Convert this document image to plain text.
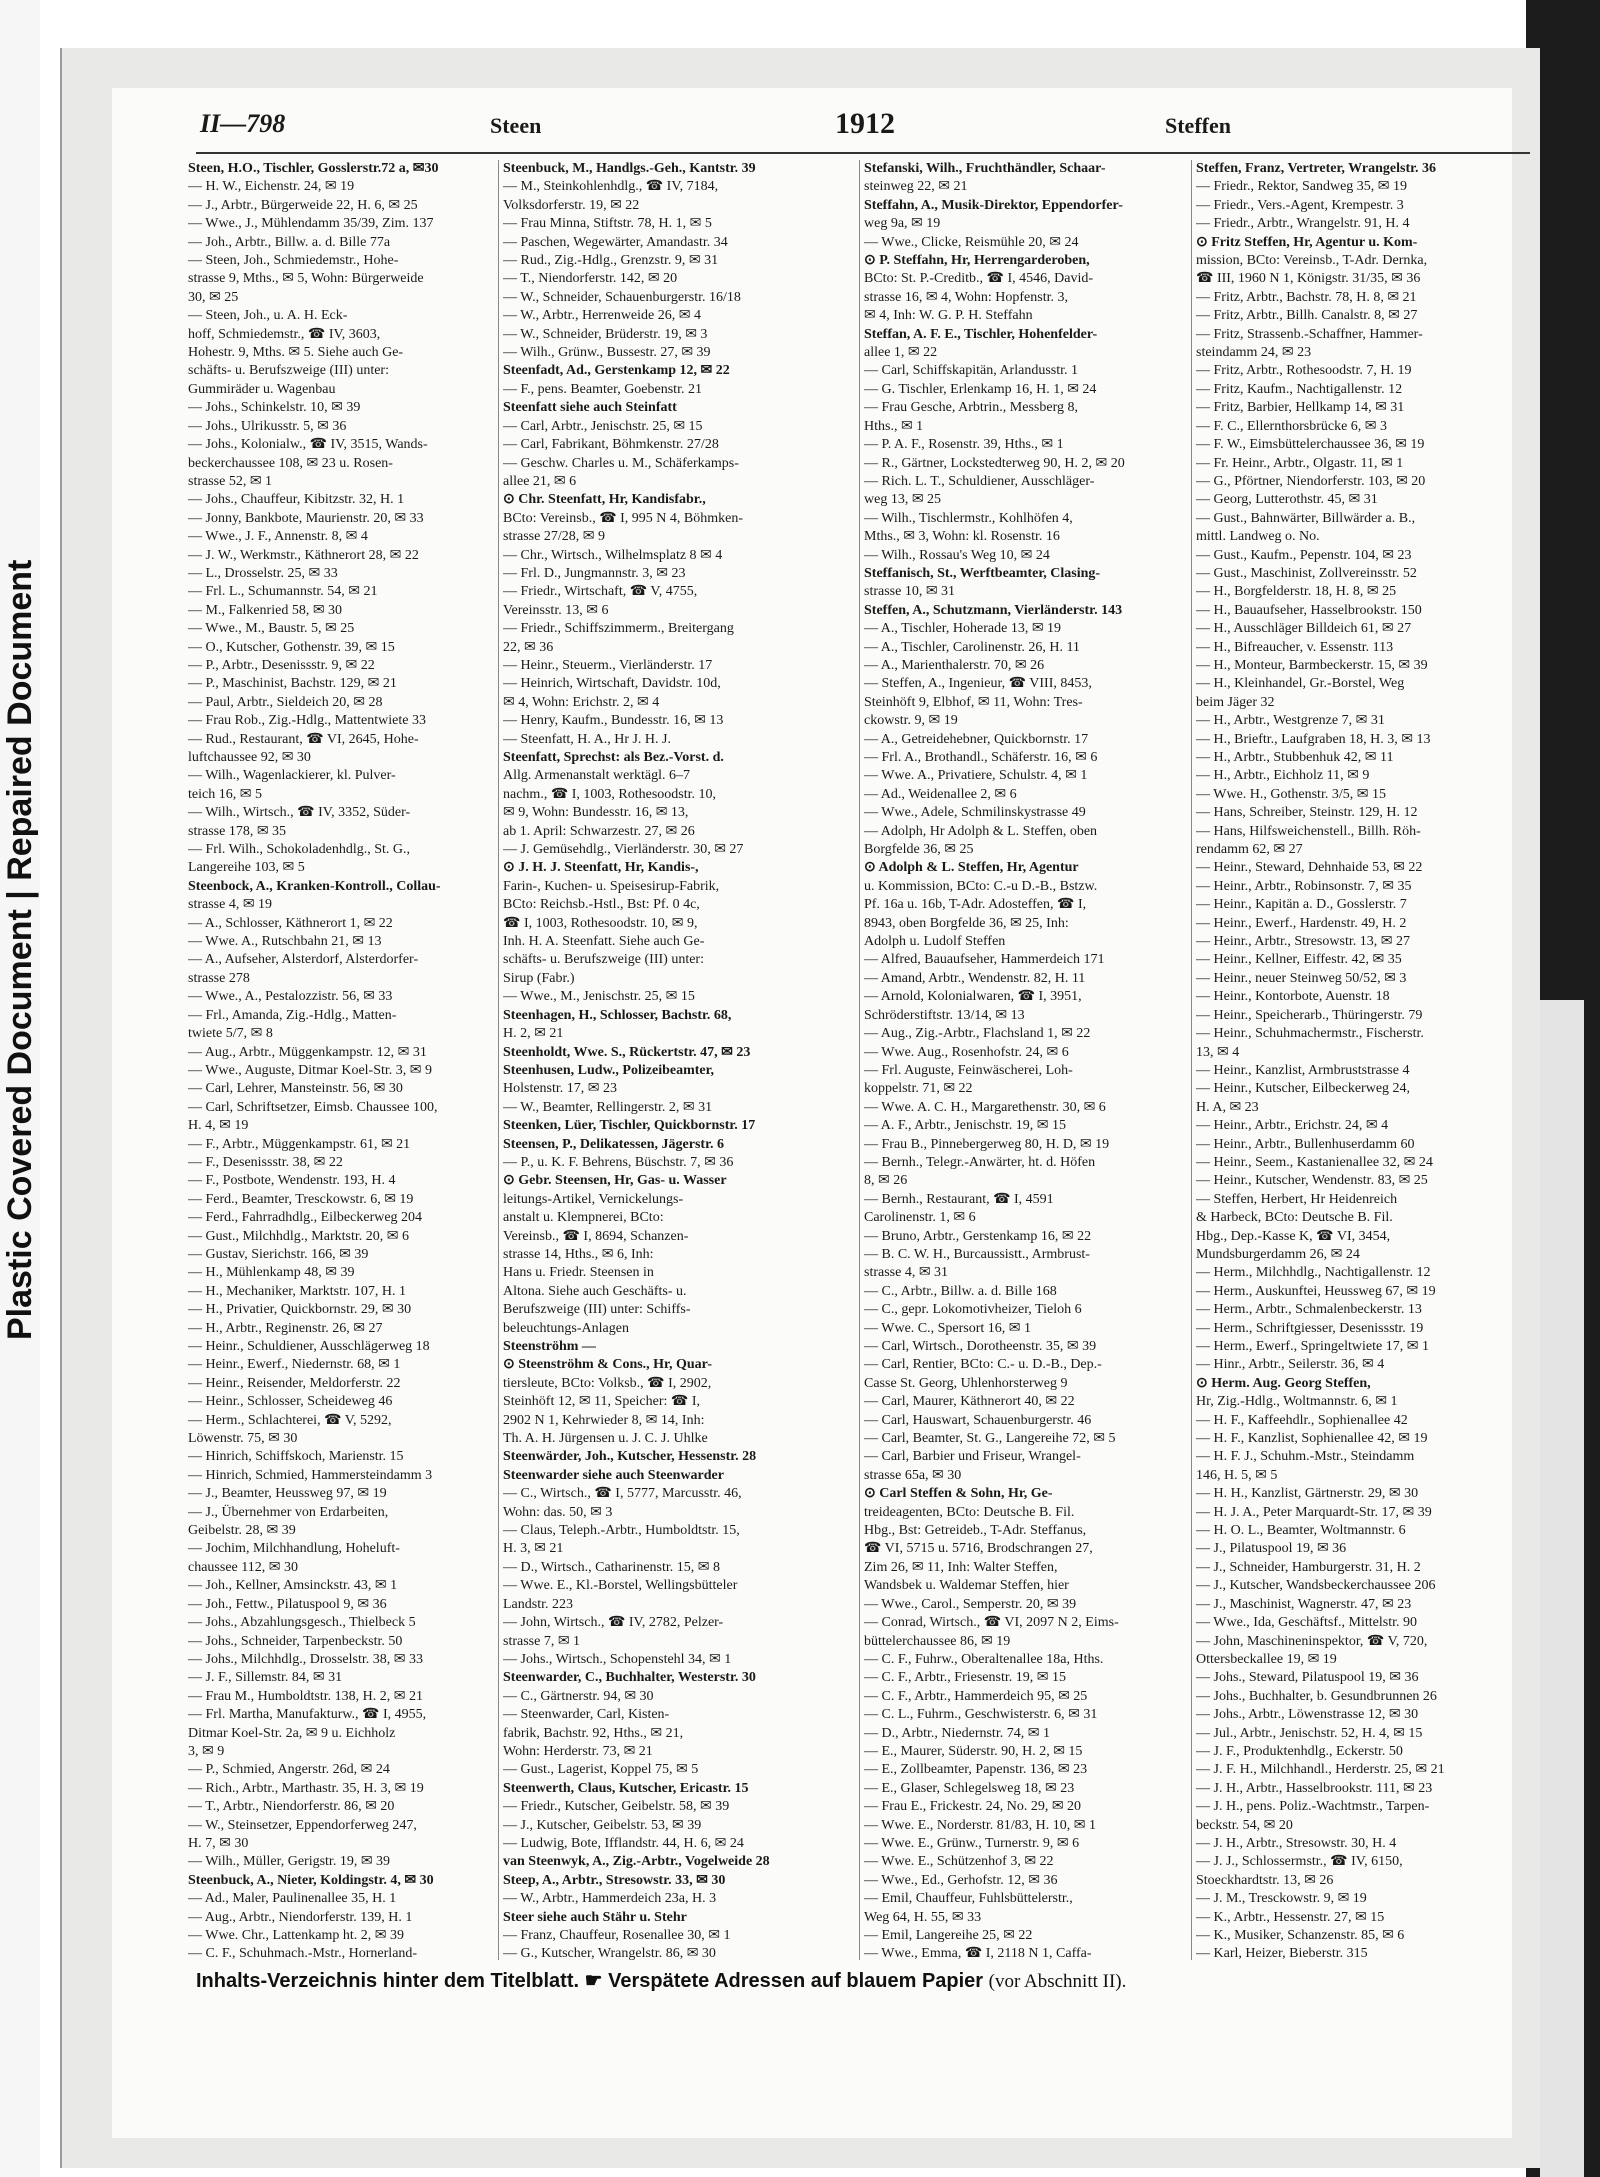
Plastic Covered Document | Repaired Document
II—798	Steen	1912	Steffen
Steen, H.O., Tischler, Gosslerstr.72 a, ✉30
— H. W., Eichenstr. 24, ✉ 19
— J., Arbtr., Bürgerweide 22, H. 6, ✉ 25
— Wwe., J., Mühlendamm 35/39, Zim. 137
— Joh., Arbtr., Billw. a. d. Bille 77a
— Steen, Joh., Schmiedemstr., Hohe-
strasse 9, Mths., ✉ 5, Wohn: Bürgerweide
30, ✉ 25
— Steen, Joh., u. A. H. Eck-
hoff, Schmiedemstr., ☎ IV, 3603,
Hohestr. 9, Mths. ✉ 5. Siehe auch Ge-
schäfts- u. Berufszweige (III) unter:
Gummiräder u. Wagenbau
— Johs., Schinkelstr. 10, ✉ 39
— Johs., Ulrikusstr. 5, ✉ 36
— Johs., Kolonialw., ☎ IV, 3515, Wands-
beckerchaussee 108, ✉ 23 u. Rosen-
strasse 52, ✉ 1
— Johs., Chauffeur, Kibitzstr. 32, H. 1
— Jonny, Bankbote, Maurienstr. 20, ✉ 33
— Wwe., J. F., Annenstr. 8, ✉ 4
— J. W., Werkmstr., Käthnerort 28, ✉ 22
— L., Drosselstr. 25, ✉ 33
— Frl. L., Schumannstr. 54, ✉ 21
— M., Falkenried 58, ✉ 30
— Wwe., M., Baustr. 5, ✉ 25
— O., Kutscher, Gothenstr. 39, ✉ 15
— P., Arbtr., Desenissstr. 9, ✉ 22
— P., Maschinist, Bachstr. 129, ✉ 21
— Paul, Arbtr., Sieldeich 20, ✉ 28
— Frau Rob., Zig.-Hdlg., Mattentwiete 33
— Rud., Restaurant, ☎ VI, 2645, Hohe-
luftchaussee 92, ✉ 30
— Wilh., Wagenlackierer, kl. Pulver-
teich 16, ✉ 5
— Wilh., Wirtsch., ☎ IV, 3352, Süder-
strasse 178, ✉ 35
— Frl. Wilh., Schokoladenhdlg., St. G.,
Langereihe 103, ✉ 5
Steenbock, A., Kranken-Kontroll., Collau-
strasse 4, ✉ 19
— A., Schlosser, Käthnerort 1, ✉ 22
— Wwe. A., Rutschbahn 21, ✉ 13
— A., Aufseher, Alsterdorf, Alsterdorfer-
strasse 278
— Wwe., A., Pestalozzistr. 56, ✉ 33
— Frl., Amanda, Zig.-Hdlg., Matten-
twiete 5/7, ✉ 8
— Aug., Arbtr., Müggenkampstr. 12, ✉ 31
— Wwe., Auguste, Ditmar Koel-Str. 3, ✉ 9
— Carl, Lehrer, Mansteinstr. 56, ✉ 30
— Carl, Schriftsetzer, Eimsb. Chaussee 100,
H. 4, ✉ 19
— F., Arbtr., Müggenkampstr. 61, ✉ 21
— F., Desenissstr. 38, ✉ 22
— F., Postbote, Wendenstr. 193, H. 4
— Ferd., Beamter, Tresckowstr. 6, ✉ 19
— Ferd., Fahrradhdlg., Eilbeckerweg 204
— Gust., Milchhdlg., Marktstr. 20, ✉ 6
— Gustav, Sierichstr. 166, ✉ 39
— H., Mühlenkamp 48, ✉ 39
— H., Mechaniker, Marktstr. 107, H. 1
— H., Privatier, Quickbornstr. 29, ✉ 30
— H., Arbtr., Reginenstr. 26, ✉ 27
— Heinr., Schuldiener, Ausschlägerweg 18
— Heinr., Ewerf., Niedernstr. 68, ✉ 1
— Heinr., Reisender, Meldorferstr. 22
— Heinr., Schlosser, Scheideweg 46
— Herm., Schlachterei, ☎ V, 5292,
Löwenstr. 75, ✉ 30
— Hinrich, Schiffskoch, Marienstr. 15
— Hinrich, Schmied, Hammersteindamm 3
— J., Beamter, Heussweg 97, ✉ 19
— J., Übernehmer von Erdarbeiten,
Geibelstr. 28, ✉ 39
— Jochim, Milchhandlung, Hoheluft-
chaussee 112, ✉ 30
— Joh., Kellner, Amsinckstr. 43, ✉ 1
— Joh., Fettw., Pilatuspool 9, ✉ 36
— Johs., Abzahlungsgesch., Thielbeck 5
— Johs., Schneider, Tarpenbeckstr. 50
— Johs., Milchhdlg., Drosselstr. 38, ✉ 33
— J. F., Sillemstr. 84, ✉ 31
— Frau M., Humboldtstr. 138, H. 2, ✉ 21
— Frl. Martha, Manufakturw., ☎ I, 4955,
Ditmar Koel-Str. 2a, ✉ 9 u. Eichholz
3, ✉ 9
— P., Schmied, Angerstr. 26d, ✉ 24
— Rich., Arbtr., Marthastr. 35, H. 3, ✉ 19
— T., Arbtr., Niendorferstr. 86, ✉ 20
— W., Steinsetzer, Eppendorferweg 247,
H. 7, ✉ 30
— Wilh., Müller, Gerigstr. 19, ✉ 39
Steenbuck, A., Nieter, Koldingstr. 4, ✉ 30
— Ad., Maler, Paulinenallee 35, H. 1
— Aug., Arbtr., Niendorferstr. 139, H. 1
— Wwe. Chr., Lattenkamp ht. 2, ✉ 39
— C. F., Schuhmach.-Mstr., Hornerland-
Steenbuck, M., Handlgs.-Geh., Kantstr. 39
— M., Steinkohlenhdlg., ☎ IV, 7184,
Volksdorferstr. 19, ✉ 22
— Frau Minna, Stiftstr. 78, H. 1, ✉ 5
— Paschen, Wegewärter, Amandastr. 34
— Rud., Zig.-Hdlg., Grenzstr. 9, ✉ 31
— T., Niendorferstr. 142, ✉ 20
— W., Schneider, Schauenburgerstr. 16/18
— W., Arbtr., Herrenweide 26, ✉ 4
— W., Schneider, Brüderstr. 19, ✉ 3
— Wilh., Grünw., Bussestr. 27, ✉ 39
Steenfadt, Ad., Gerstenkamp 12, ✉ 22
— F., pens. Beamter, Goebenstr. 21
Steenfatt siehe auch Steinfatt
— Carl, Arbtr., Jenischstr. 25, ✉ 15
— Carl, Fabrikant, Böhmkenstr. 27/28
— Geschw. Charles u. M., Schäferkamps-
allee 21, ✉ 6
⊙ Chr. Steenfatt, Hr, Kandisfabr.,
BCto: Vereinsb., ☎ I, 995 N 4, Böhmken-
strasse 27/28, ✉ 9
— Chr., Wirtsch., Wilhelmsplatz 8 ✉ 4
— Frl. D., Jungmannstr. 3, ✉ 23
— Friedr., Wirtschaft, ☎ V, 4755,
Vereinsstr. 13, ✉ 6
— Friedr., Schiffszimmerm., Breitergang
22, ✉ 36
— Heinr., Steuerm., Vierländerstr. 17
— Heinrich, Wirtschaft, Davidstr. 10d,
✉ 4, Wohn: Erichstr. 2, ✉ 4
— Henry, Kaufm., Bundesstr. 16, ✉ 13
— Steenfatt, H. A., Hr J. H. J.
Steenfatt, Sprechst: als Bez.-Vorst. d.
Allg. Armenanstalt werktägl. 6–7
nachm., ☎ I, 1003, Rothesoodstr. 10,
✉ 9, Wohn: Bundesstr. 16, ✉ 13,
ab 1. April: Schwarzestr. 27, ✉ 26
— J. Gemüsehdlg., Vierländerstr. 30, ✉ 27
⊙ J. H. J. Steenfatt, Hr, Kandis-,
Farin-, Kuchen- u. Speisesirup-Fabrik,
BCto: Reichsb.-Hstl., Bst: Pf. 0 4c,
☎ I, 1003, Rothesoodstr. 10, ✉ 9,
Inh. H. A. Steenfatt. Siehe auch Ge-
schäfts- u. Berufszweige (III) unter:
Sirup (Fabr.)
— Wwe., M., Jenischstr. 25, ✉ 15
Steenhagen, H., Schlosser, Bachstr. 68,
H. 2, ✉ 21
Steenholdt, Wwe. S., Rückertstr. 47, ✉ 23
Steenhusen, Ludw., Polizeibeamter,
Holstenstr. 17, ✉ 23
— W., Beamter, Rellingerstr. 2, ✉ 31
Steenken, Lüer, Tischler, Quickbornstr. 17
Steensen, P., Delikatessen, Jägerstr. 6
— P., u. K. F. Behrens, Büschstr. 7, ✉ 36
⊙ Gebr. Steensen, Hr, Gas- u. Wasser
leitungs-Artikel, Vernickelungs-
anstalt u. Klempnerei, BCto:
Vereinsb., ☎ I, 8694, Schanzen-
strasse 14, Hths., ✉ 6, Inh:
Hans u. Friedr. Steensen in
Altona. Siehe auch Geschäfts- u.
Berufszweige (III) unter: Schiffs-
beleuchtungs-Anlagen
Steenströhm —
⊙ Steenströhm & Cons., Hr, Quar-
tiersleute, BCto: Volksb., ☎ I, 2902,
Steinhöft 12, ✉ 11, Speicher: ☎ I,
2902 N 1, Kehrwieder 8, ✉ 14, Inh:
Th. A. H. Jürgensen u. J. C. J. Uhlke
Steenwärder, Joh., Kutscher, Hessenstr. 28
Steenwarder siehe auch Steenwarder
— C., Wirtsch., ☎ I, 5777, Marcusstr. 46,
Wohn: das. 50, ✉ 3
— Claus, Teleph.-Arbtr., Humboldtstr. 15,
H. 3, ✉ 21
— D., Wirtsch., Catharinenstr. 15, ✉ 8
— Wwe. E., Kl.-Borstel, Wellingsbütteler
Landstr. 223
— John, Wirtsch., ☎ IV, 2782, Pelzer-
strasse 7, ✉ 1
— Johs., Wirtsch., Schopenstehl 34, ✉ 1
Steenwarder, C., Buchhalter, Westerstr. 30
— C., Gärtnerstr. 94, ✉ 30
— Steenwarder, Carl, Kisten-
fabrik, Bachstr. 92, Hths., ✉ 21,
Wohn: Herderstr. 73, ✉ 21
— Gust., Lagerist, Koppel 75, ✉ 5
Steenwerth, Claus, Kutscher, Ericastr. 15
— Friedr., Kutscher, Geibelstr. 58, ✉ 39
— J., Kutscher, Geibelstr. 53, ✉ 39
— Ludwig, Bote, Ifflandstr. 44, H. 6, ✉ 24
van Steenwyk, A., Zig.-Arbtr., Vogelweide 28
Steep, A., Arbtr., Stresowstr. 33, ✉ 30
— W., Arbtr., Hammerdeich 23a, H. 3
Steer siehe auch Stähr u. Stehr
— Franz, Chauffeur, Rosenallee 30, ✉ 1
— G., Kutscher, Wrangelstr. 86, ✉ 30
Stefanski, Wilh., Fruchthändler, Schaar-
steinweg 22, ✉ 21
Steffahn, A., Musik-Direktor, Eppendorfer-
weg 9a, ✉ 19
— Wwe., Clicke, Reismühle 20, ✉ 24
⊙ P. Steffahn, Hr, Herrengarderoben,
BCto: St. P.-Creditb., ☎ I, 4546, David-
strasse 16, ✉ 4, Wohn: Hopfenstr. 3,
✉ 4, Inh: W. G. P. H. Steffahn
Steffan, A. F. E., Tischler, Hohenfelder-
allee 1, ✉ 22
— Carl, Schiffskapitän, Arlandusstr. 1
— G. Tischler, Erlenkamp 16, H. 1, ✉ 24
— Frau Gesche, Arbtrin., Messberg 8,
Hths., ✉ 1
— P. A. F., Rosenstr. 39, Hths., ✉ 1
— R., Gärtner, Lockstedterweg 90, H. 2, ✉ 20
— Rich. L. T., Schuldiener, Ausschläger-
weg 13, ✉ 25
— Wilh., Tischlermstr., Kohlhöfen 4,
Mths., ✉ 3, Wohn: kl. Rosenstr. 16
— Wilh., Rossau's Weg 10, ✉ 24
Steffanisch, St., Werftbeamter, Clasing-
strasse 10, ✉ 31
Steffen, A., Schutzmann, Vierländerstr. 143
— A., Tischler, Hoherade 13, ✉ 19
— A., Tischler, Carolinenstr. 26, H. 11
— A., Marienthalerstr. 70, ✉ 26
— Steffen, A., Ingenieur, ☎ VIII, 8453,
Steinhöft 9, Elbhof, ✉ 11, Wohn: Tres-
ckowstr. 9, ✉ 19
— A., Getreidehebner, Quickbornstr. 17
— Frl. A., Brothandl., Schäferstr. 16, ✉ 6
— Wwe. A., Privatiere, Schulstr. 4, ✉ 1
— Ad., Weidenallee 2, ✉ 6
— Wwe., Adele, Schmilinskystrasse 49
— Adolph, Hr Adolph & L. Steffen, oben
Borgfelde 36, ✉ 25
⊙ Adolph & L. Steffen, Hr, Agentur
u. Kommission, BCto: C.-u D.-B., Bstzw.
Pf. 16a u. 16b, T-Adr. Adosteffen, ☎ I,
8943, oben Borgfelde 36, ✉ 25, Inh:
Adolph u. Ludolf Steffen
— Alfred, Bauaufseher, Hammerdeich 171
— Amand, Arbtr., Wendenstr. 82, H. 11
— Arnold, Kolonialwaren, ☎ I, 3951,
Schröderstiftstr. 13/14, ✉ 13
— Aug., Zig.-Arbtr., Flachsland 1, ✉ 22
— Wwe. Aug., Rosenhofstr. 24, ✉ 6
— Frl. Auguste, Feinwäscherei, Loh-
koppelstr. 71, ✉ 22
— Wwe. A. C. H., Margarethenstr. 30, ✉ 6
— A. F., Arbtr., Jenischstr. 19, ✉ 15
— Frau B., Pinnebergerweg 80, H. D, ✉ 19
— Bernh., Telegr.-Anwärter, ht. d. Höfen
8, ✉ 26
— Bernh., Restaurant, ☎ I, 4591
Carolinenstr. 1, ✉ 6
— Bruno, Arbtr., Gerstenkamp 16, ✉ 22
— B. C. W. H., Burcaussistt., Armbrust-
strasse 4, ✉ 31
— C., Arbtr., Billw. a. d. Bille 168
— C., gepr. Lokomotivheizer, Tieloh 6
— Wwe. C., Spersort 16, ✉ 1
— Carl, Wirtsch., Dorotheenstr. 35, ✉ 39
— Carl, Rentier, BCto: C.- u. D.-B., Dep.-
Casse St. Georg, Uhlenhorsterweg 9
— Carl, Maurer, Käthnerort 40, ✉ 22
— Carl, Hauswart, Schauenburgerstr. 46
— Carl, Beamter, St. G., Langereihe 72, ✉ 5
— Carl, Barbier und Friseur, Wrangel-
strasse 65a, ✉ 30
⊙ Carl Steffen & Sohn, Hr, Ge-
treideagenten, BCto: Deutsche B. Fil.
Hbg., Bst: Getreideb., T-Adr. Steffanus,
☎ VI, 5715 u. 5716, Brodschrangen 27,
Zim 26, ✉ 11, Inh: Walter Steffen,
Wandsbek u. Waldemar Steffen, hier
— Wwe., Carol., Semperstr. 20, ✉ 39
— Conrad, Wirtsch., ☎ VI, 2097 N 2, Eims-
büttelerchaussee 86, ✉ 19
— C. F., Fuhrw., Oberaltenallee 18a, Hths.
— C. F., Arbtr., Friesenstr. 19, ✉ 15
— C. F., Arbtr., Hammerdeich 95, ✉ 25
— C. L., Fuhrm., Geschwisterstr. 6, ✉ 31
— D., Arbtr., Niedernstr. 74, ✉ 1
— E., Maurer, Süderstr. 90, H. 2, ✉ 15
— E., Zollbeamter, Papenstr. 136, ✉ 23
— E., Glaser, Schlegelsweg 18, ✉ 23
— Frau E., Frickestr. 24, No. 29, ✉ 20
— Wwe. E., Norderstr. 81/83, H. 10, ✉ 1
— Wwe. E., Grünw., Turnerstr. 9, ✉ 6
— Wwe. E., Schützenhof 3, ✉ 22
— Wwe., Ed., Gerhofstr. 12, ✉ 36
— Emil, Chauffeur, Fuhlsbüttelerstr.,
Weg 64, H. 55, ✉ 33
— Emil, Langereihe 25, ✉ 22
— Wwe., Emma, ☎ I, 2118 N 1, Caffa-
Steffen, Franz, Vertreter, Wrangelstr. 36
— Friedr., Rektor, Sandweg 35, ✉ 19
— Friedr., Vers.-Agent, Krempestr. 3
— Friedr., Arbtr., Wrangelstr. 91, H. 4
⊙ Fritz Steffen, Hr, Agentur u. Kom-
mission, BCto: Vereinsb., T-Adr. Dernka,
☎ III, 1960 N 1, Königstr. 31/35, ✉ 36
— Fritz, Arbtr., Bachstr. 78, H. 8, ✉ 21
— Fritz, Arbtr., Billh. Canalstr. 8, ✉ 27
— Fritz, Strassenb.-Schaffner, Hammer-
steindamm 24, ✉ 23
— Fritz, Arbtr., Rothesoodstr. 7, H. 19
— Fritz, Kaufm., Nachtigallenstr. 12
— Fritz, Barbier, Hellkamp 14, ✉ 31
— F. C., Ellernthorsbrücke 6, ✉ 3
— F. W., Eimsbüttelerchaussee 36, ✉ 19
— Fr. Heinr., Arbtr., Olgastr. 11, ✉ 1
— G., Pförtner, Niendorferstr. 103, ✉ 20
— Georg, Lutterothstr. 45, ✉ 31
— Gust., Bahnwärter, Billwärder a. B.,
mittl. Landweg o. No.
— Gust., Kaufm., Pepenstr. 104, ✉ 23
— Gust., Maschinist, Zollvereinsstr. 52
— H., Borgfelderstr. 18, H. 8, ✉ 25
— H., Bauaufseher, Hasselbrookstr. 150
— H., Ausschläger Billdeich 61, ✉ 27
— H., Bifreaucher, v. Essenstr. 113
— H., Monteur, Barmbeckerstr. 15, ✉ 39
— H., Kleinhandel, Gr.-Borstel, Weg
beim Jäger 32
— H., Arbtr., Westgrenze 7, ✉ 31
— H., Brieftr., Laufgraben 18, H. 3, ✉ 13
— H., Arbtr., Stubbenhuk 42, ✉ 11
— H., Arbtr., Eichholz 11, ✉ 9
— Wwe. H., Gothenstr. 3/5, ✉ 15
— Hans, Schreiber, Steinstr. 129, H. 12
— Hans, Hilfsweichenstell., Billh. Röh-
rendamm 62, ✉ 27
— Heinr., Steward, Dehnhaide 53, ✉ 22
— Heinr., Arbtr., Robinsonstr. 7, ✉ 35
— Heinr., Kapitän a. D., Gosslerstr. 7
— Heinr., Ewerf., Hardenstr. 49, H. 2
— Heinr., Arbtr., Stresowstr. 13, ✉ 27
— Heinr., Kellner, Eiffestr. 42, ✉ 35
— Heinr., neuer Steinweg 50/52, ✉ 3
— Heinr., Kontorbote, Auenstr. 18
— Heinr., Speicherarb., Thüringerstr. 79
— Heinr., Schuhmachermstr., Fischerstr.
13, ✉ 4
— Heinr., Kanzlist, Armbruststrasse 4
— Heinr., Kutscher, Eilbeckerweg 24,
H. A, ✉ 23
— Heinr., Arbtr., Erichstr. 24, ✉ 4
— Heinr., Arbtr., Bullenhuserdamm 60
— Heinr., Seem., Kastanienallee 32, ✉ 24
— Heinr., Kutscher, Wendenstr. 83, ✉ 25
— Steffen, Herbert, Hr Heidenreich
& Harbeck, BCto: Deutsche B. Fil.
Hbg., Dep.-Kasse K, ☎ VI, 3454,
Mundsburgerdamm 26, ✉ 24
— Herm., Milchhdlg., Nachtigallenstr. 12
— Herm., Auskunftei, Heussweg 67, ✉ 19
— Herm., Arbtr., Schmalenbeckerstr. 13
— Herm., Schriftgiesser, Desenissstr. 19
— Herm., Ewerf., Springeltwiete 17, ✉ 1
— Hinr., Arbtr., Seilerstr. 36, ✉ 4
⊙ Herm. Aug. Georg Steffen,
Hr, Zig.-Hdlg., Woltmannstr. 6, ✉ 1
— H. F., Kaffeehdlr., Sophienallee 42
— H. F., Kanzlist, Sophienallee 42, ✉ 19
— H. F. J., Schuhm.-Mstr., Steindamm
146, H. 5, ✉ 5
— H. H., Kanzlist, Gärtnerstr. 29, ✉ 30
— H. J. A., Peter Marquardt-Str. 17, ✉ 39
— H. O. L., Beamter, Woltmannstr. 6
— J., Pilatuspool 19, ✉ 36
— J., Schneider, Hamburgerstr. 31, H. 2
— J., Kutscher, Wandsbeckerchaussee 206
— J., Maschinist, Wagnerstr. 47, ✉ 23
— Wwe., Ida, Geschäftsf., Mittelstr. 90
— John, Maschineninspektor, ☎ V, 720,
Ottersbeckallee 19, ✉ 19
— Johs., Steward, Pilatuspool 19, ✉ 36
— Johs., Buchhalter, b. Gesundbrunnen 26
— Johs., Arbtr., Löwenstrasse 12, ✉ 30
— Jul., Arbtr., Jenischstr. 52, H. 4, ✉ 15
— J. F., Produktenhdlg., Eckerstr. 50
— J. F. H., Milchhandl., Herderstr. 25, ✉ 21
— J. H., Arbtr., Hasselbrookstr. 111, ✉ 23
— J. H., pens. Poliz.-Wachtmstr., Tarpen-
beckstr. 54, ✉ 20
— J. H., Arbtr., Stresowstr. 30, H. 4
— J. J., Schlossermstr., ☎ IV, 6150,
Stoeckhardtstr. 13, ✉ 26
— J. M., Tresckowstr. 9, ✉ 19
— K., Arbtr., Hessenstr. 27, ✉ 15
— K., Musiker, Schanzenstr. 85, ✉ 6
— Karl, Heizer, Bieberstr. 315
Inhalts-Verzeichnis hinter dem Titelblatt. ☛ Verspätete Adressen auf blauem Papier (vor Abschnitt II).
